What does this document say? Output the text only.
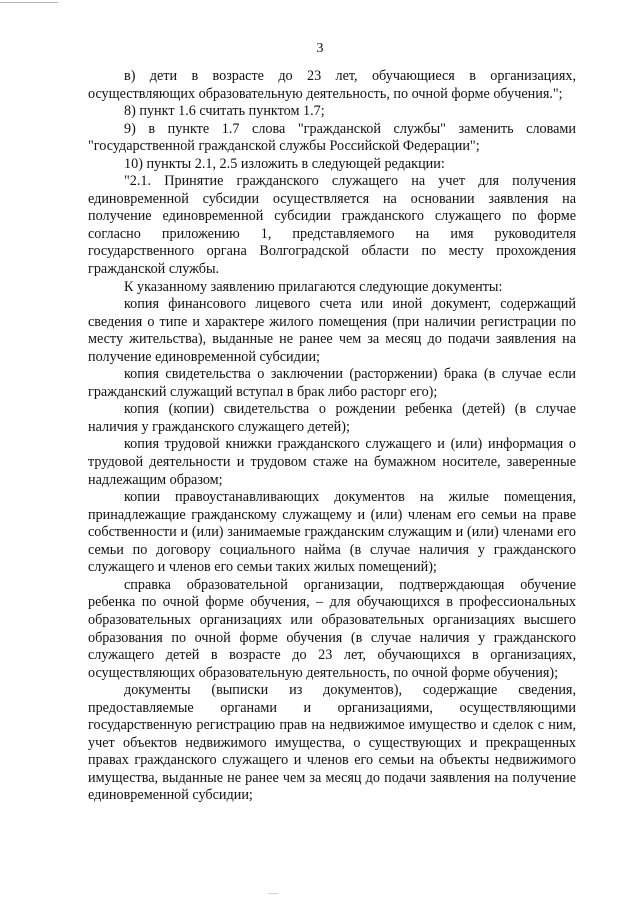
3

в) дети в возрасте до 23 лет, обучающиеся в организациях, осуществляющих образовательную деятельность, по очной форме обучения.";

8) пункт 1.6 считать пунктом 1.7;

9) в пункте 1.7 слова "гражданской службы" заменить словами "государственной гражданской службы Российской Федерации";

10) пункты 2.1, 2.5 изложить в следующей редакции:

"2.1. Принятие гражданского служащего на учет для получения единовременной субсидии осуществляется на основании заявления на получение единовременной субсидии гражданского служащего по форме согласно приложению 1, представляемого на имя руководителя государственного органа Волгоградской области по месту прохождения гражданской службы.

К указанному заявлению прилагаются следующие документы:

копия финансового лицевого счета или иной документ, содержащий сведения о типе и характере жилого помещения (при наличии регистрации по месту жительства), выданные не ранее чем за месяц до подачи заявления на получение единовременной субсидии;

копия свидетельства о заключении (расторжении) брака (в случае если гражданский служащий вступал в брак либо расторг его);

копия (копии) свидетельства о рождении ребенка (детей) (в случае наличия у гражданского служащего детей);

копия трудовой книжки гражданского служащего и (или) информация о трудовой деятельности и трудовом стаже на бумажном носителе, заверенные надлежащим образом;

копии правоустанавливающих документов на жилые помещения, принадлежащие гражданскому служащему и (или) членам его семьи на праве собственности и (или) занимаемые гражданским служащим и (или) членами его семьи по договору социального найма (в случае наличия у гражданского служащего и членов его семьи таких жилых помещений);

справка образовательной организации, подтверждающая обучение ребенка по очной форме обучения, – для обучающихся в профессиональных образовательных организациях или образовательных организациях высшего образования по очной форме обучения (в случае наличия у гражданского служащего детей в возрасте до 23 лет, обучающихся в организациях, осуществляющих образовательную деятельность, по очной форме обучения);

документы (выписки из документов), содержащие сведения, предоставляемые органами и организациями, осуществляющими государственную регистрацию прав на недвижимое имущество и сделок с ним, учет объектов недвижимого имущества, о существующих и прекращенных правах гражданского служащего и членов его семьи на объекты недвижимого имущества, выданные не ранее чем за месяц до подачи заявления на получение единовременной субсидии;
